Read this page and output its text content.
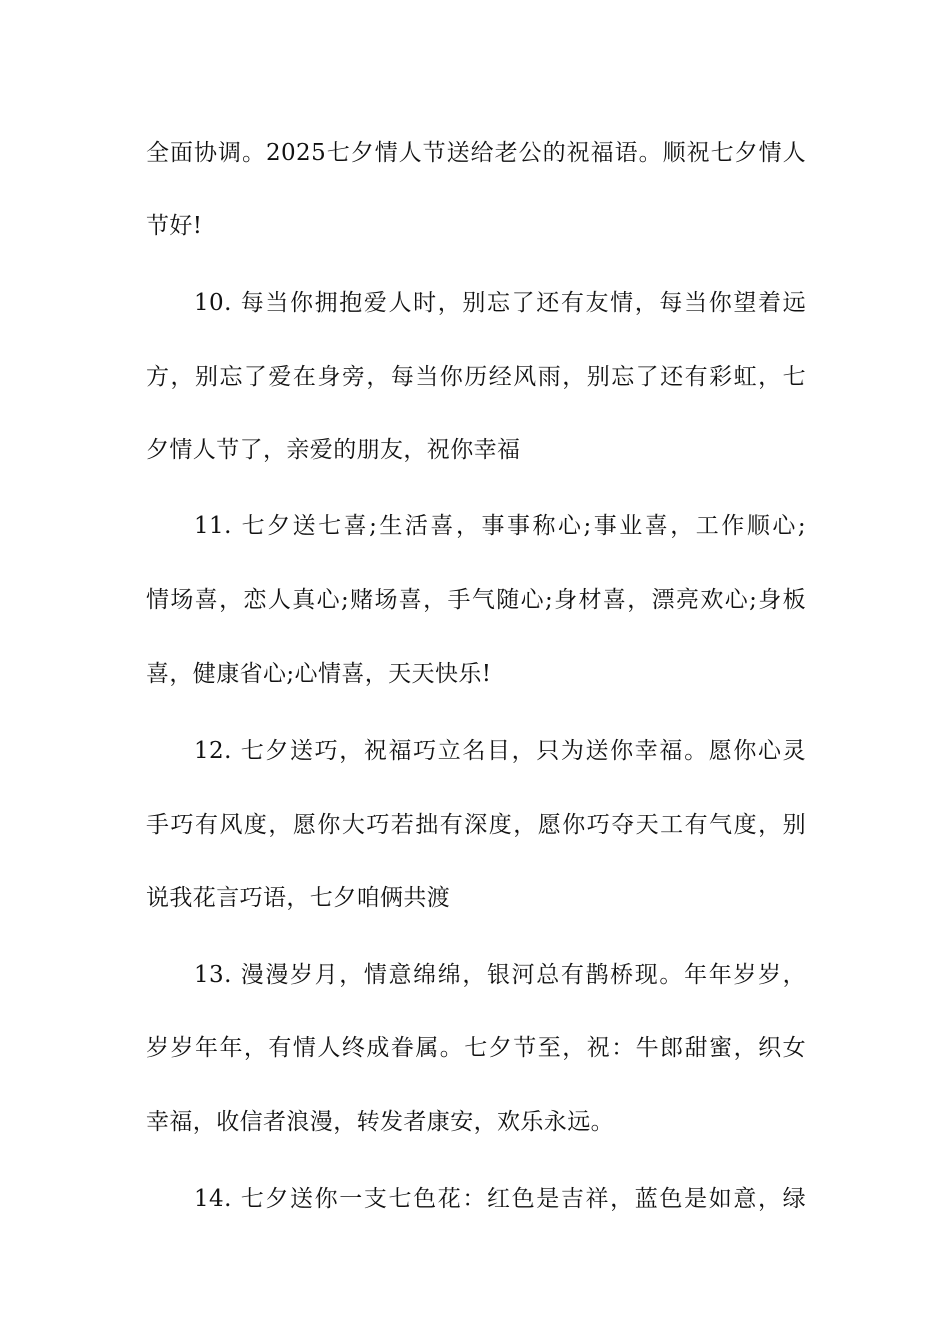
全面协调。2025七夕情人节送给老公的祝福语。顺祝七夕情人
节好!
10. 每当你拥抱爱人时，别忘了还有友情，每当你望着远
方，别忘了爱在身旁，每当你历经风雨，别忘了还有彩虹，七
夕情人节了，亲爱的朋友，祝你幸福
11. 七夕送七喜;生活喜，事事称心;事业喜，工作顺心;
情场喜，恋人真心;赌场喜，手气随心;身材喜，漂亮欢心;身板
喜，健康省心;心情喜，天天快乐!
12. 七夕送巧，祝福巧立名目，只为送你幸福。愿你心灵
手巧有风度，愿你大巧若拙有深度，愿你巧夺天工有气度，别
说我花言巧语，七夕咱俩共渡
13. 漫漫岁月，情意绵绵，银河总有鹊桥现。年年岁岁，
岁岁年年，有情人终成眷属。七夕节至，祝：牛郎甜蜜，织女
幸福，收信者浪漫，转发者康安，欢乐永远。
14. 七夕送你一支七色花：红色是吉祥，蓝色是如意，绿
